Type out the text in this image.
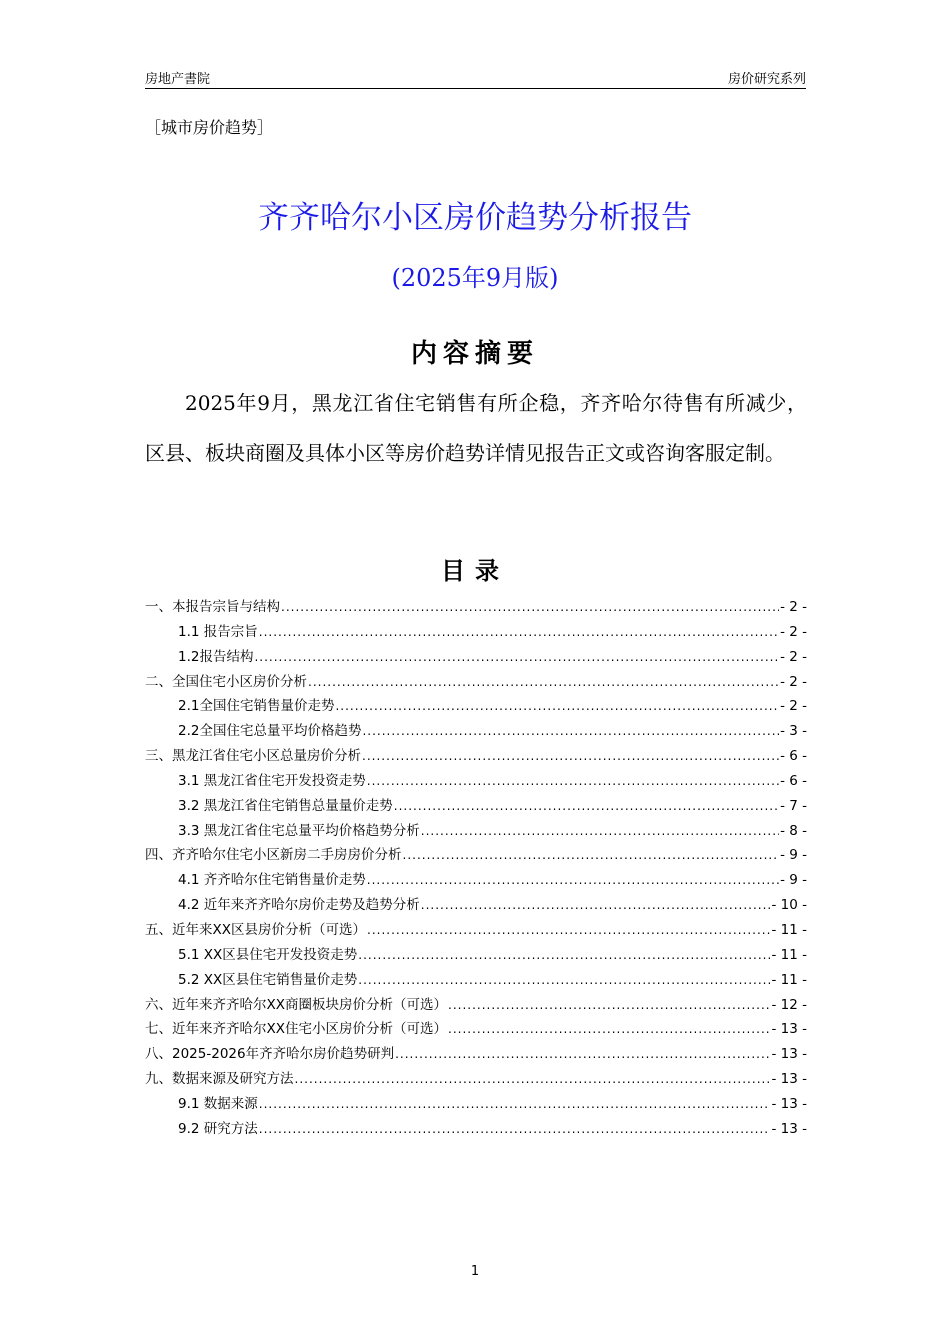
房地产書院	房价研究系列
［城市房价趋势］
齐齐哈尔小区房价趋势分析报告
(2025年9月版)
内容摘要
2025年9月，黑龙江省住宅销售有所企稳，齐齐哈尔待售有所减少，区县、板块商圈及具体小区等房价趋势详情见报告正文或咨询客服定制。
目录
一、本报告宗旨与结构 .....	- 2 -
1.1 报告宗旨 .....	- 2 -
1.2报告结构 .....	- 2 -
二、全国住宅小区房价分析 .....	- 2 -
2.1全国住宅销售量价走势 .....	- 2 -
2.2全国住宅总量平均价格趋势 .....	- 3 -
三、黑龙江省住宅小区总量房价分析 .....	- 6 -
3.1 黑龙江省住宅开发投资走势 .....	- 6 -
3.2 黑龙江省住宅销售总量量价走势 .....	- 7 -
3.3 黑龙江省住宅总量平均价格趋势分析 .....	- 8 -
四、齐齐哈尔住宅小区新房二手房房价分析 .....	- 9 -
4.1 齐齐哈尔住宅销售量价走势 .....	- 9 -
4.2 近年来齐齐哈尔房价走势及趋势分析 .....	- 10 -
五、近年来XX区县房价分析（可选） .....	- 11 -
5.1 XX区县住宅开发投资走势 .....	- 11 -
5.2 XX区县住宅销售量价走势 .....	- 11 -
六、近年来齐齐哈尔XX商圈板块房价分析（可选） .....	- 12 -
七、近年来齐齐哈尔XX住宅小区房价分析（可选） .....	- 13 -
八、2025-2026年齐齐哈尔房价趋势研判 .....	- 13 -
九、数据来源及研究方法 .....	- 13 -
9.1 数据来源 .....	- 13 -
9.2 研究方法 .....	- 13 -
1
